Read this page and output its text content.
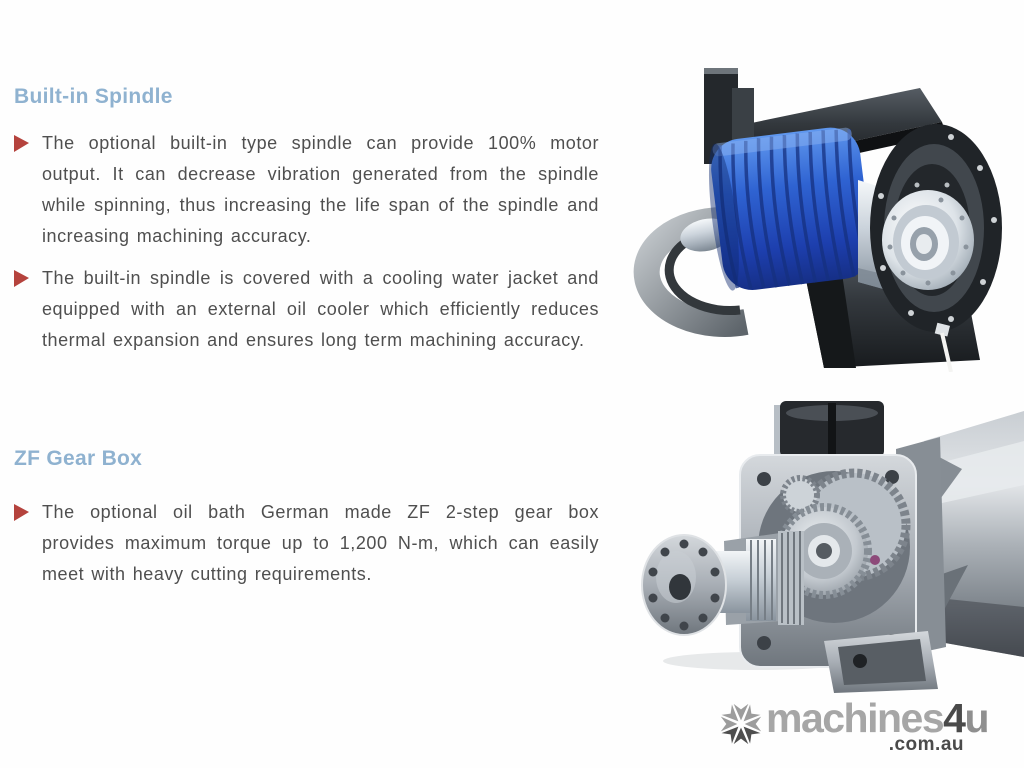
Built-in Spindle

The optional built-in type spindle can provide 100% motor output. It can decrease vibration generated from the spindle while spinning, thus increasing the life span of the spindle and increasing machining accuracy.

The built-in spindle is covered with a cooling water jacket and equipped with an external oil cooler which efficiently reduces thermal expansion and ensures long term machining accuracy.

ZF Gear Box

The optional oil bath German made ZF 2-step gear box provides maximum torque up to 1,200 N-m, which can easily meet with heavy cutting requirements.

machines4u
.com.au
